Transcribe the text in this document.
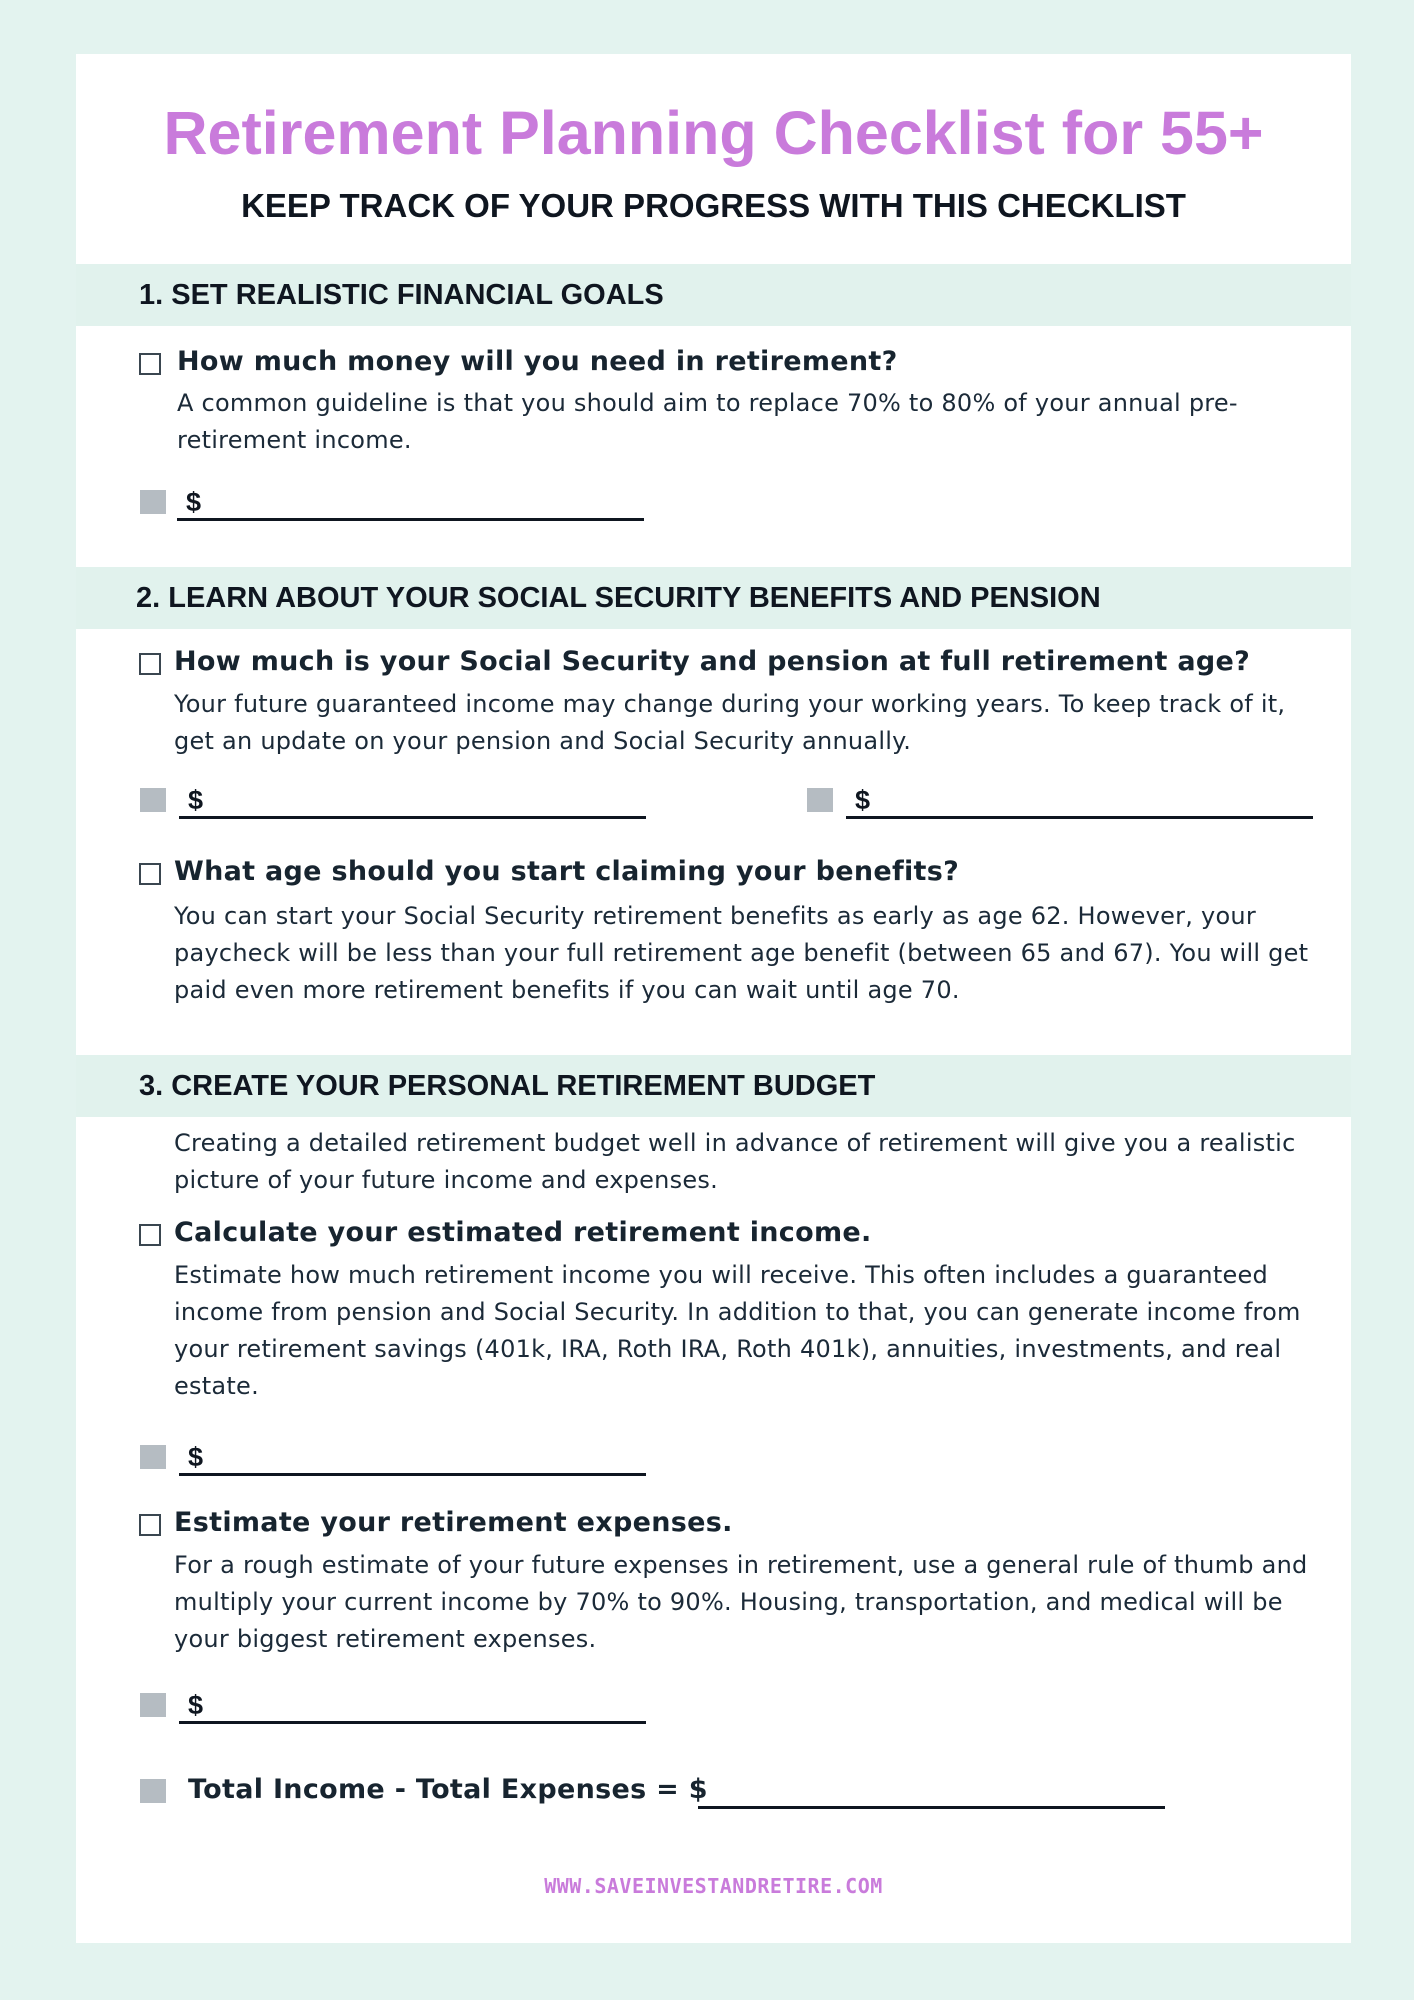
Retirement Planning Checklist for 55+
KEEP TRACK OF YOUR PROGRESS WITH THIS CHECKLIST
1. SET REALISTIC FINANCIAL GOALS
How much money will you need in retirement?
A common guideline is that you should aim to replace 70% to 80% of your annual pre-retirement income.
$
2. LEARN ABOUT YOUR SOCIAL SECURITY BENEFITS AND PENSION
How much is your Social Security and pension at full retirement age?
Your future guaranteed income may change during your working years. To keep track of it, get an update on your pension and Social Security annually.
$	$
What age should you start claiming your benefits?
You can start your Social Security retirement benefits as early as age 62. However, your paycheck will be less than your full retirement age benefit (between 65 and 67). You will get paid even more retirement benefits if you can wait until age 70.
3. CREATE YOUR PERSONAL RETIREMENT BUDGET
Creating a detailed retirement budget well in advance of retirement will give you a realistic picture of your future income and expenses.
Calculate your estimated retirement income.
Estimate how much retirement income you will receive. This often includes a guaranteed income from pension and Social Security. In addition to that, you can generate income from your retirement savings (401k, IRA, Roth IRA, Roth 401k), annuities, investments, and real estate.
$
Estimate your retirement expenses.
For a rough estimate of your future expenses in retirement, use a general rule of thumb and multiply your current income by 70% to 90%. Housing, transportation, and medical will be your biggest retirement expenses.
$
Total Income - Total Expenses = $
WWW.SAVEINVESTANDRETIRE.COM
